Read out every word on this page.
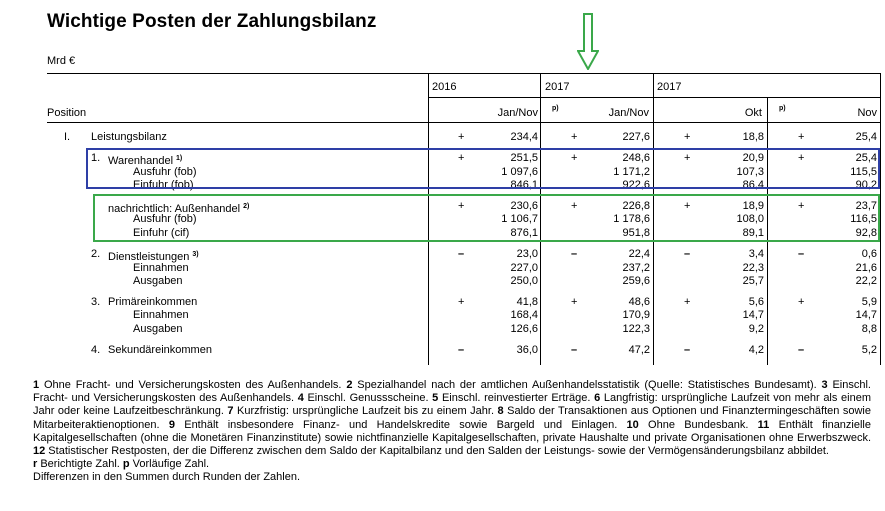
Wichtige Posten der Zahlungsbilanz
Mrd €
Position
2016	2017	2017
Jan/Nov p)	Jan/Nov	Okt p)	Nov
I. Leistungsbilanz	+	234,4	+	227,6	+	18,8	+	25,4
1. Warenhandel $^{1)}$	+	251,5	+	248,6	+	20,9	+	25,4
Ausfuhr (fob)	1 097,6	1 171,2	107,3	115,5
Einfuhr (fob)	846,1	922,6	86,4	90,2
nachrichtlich: Außenhandel $^{2)}$	+	230,6	+	226,8	+	18,9	+	23,7
Ausfuhr (fob)	1 106,7	1 178,6	108,0	116,5
Einfuhr (cif)	876,1	951,8	89,1	92,8
2. Dienstleistungen $^{3)}$	–	23,0	–	22,4	–	3,4	–	0,6
Einnahmen	227,0	237,2	22,3	21,6
Ausgaben	250,0	259,6	25,7	22,2
3. Primäreinkommen	+	41,8	+	48,6	+	5,6	+	5,9
Einnahmen	168,4	170,9	14,7	14,7
Ausgaben	126,6	122,3	9,2	8,8
4. Sekundäreinkommen	–	36,0	–	47,2	–	4,2	–	5,2
1 Ohne Fracht- und Versicherungskosten des Außenhandels. 2 Spezialhandel nach der amtlichen Außenhandelsstatistik (Quelle: Statistisches Bundesamt). 3 Einschl. Fracht- und Versicherungskosten des Außenhandels. 4 Einschl. Genussscheine. 5 Einschl. reinvestierter Erträge. 6 Langfristig: ursprüngliche Laufzeit von mehr als einem Jahr oder keine Laufzeitbeschränkung. 7 Kurzfristig: ursprüngliche Laufzeit bis zu einem Jahr. 8 Saldo der Transaktionen aus Optionen und Finanztermingeschäften sowie Mitarbeiteraktienoptionen. 9 Enthält insbesondere Finanz- und Handelskredite sowie Bargeld und Einlagen. 10 Ohne Bundesbank. 11 Enthält finanzielle Kapitalgesellschaften (ohne die Monetären Finanzinstitute) sowie nichtfinanzielle Kapitalgesellschaften, private Haushalte und private Organisationen ohne Erwerbszweck. 12 Statistischer Restposten, der die Differenz zwischen dem Saldo der Kapitalbilanz und den Salden der Leistungs- sowie der Vermögensänderungsbilanz abbildet.
r Berichtigte Zahl. p Vorläufige Zahl.
Differenzen in den Summen durch Runden der Zahlen.
